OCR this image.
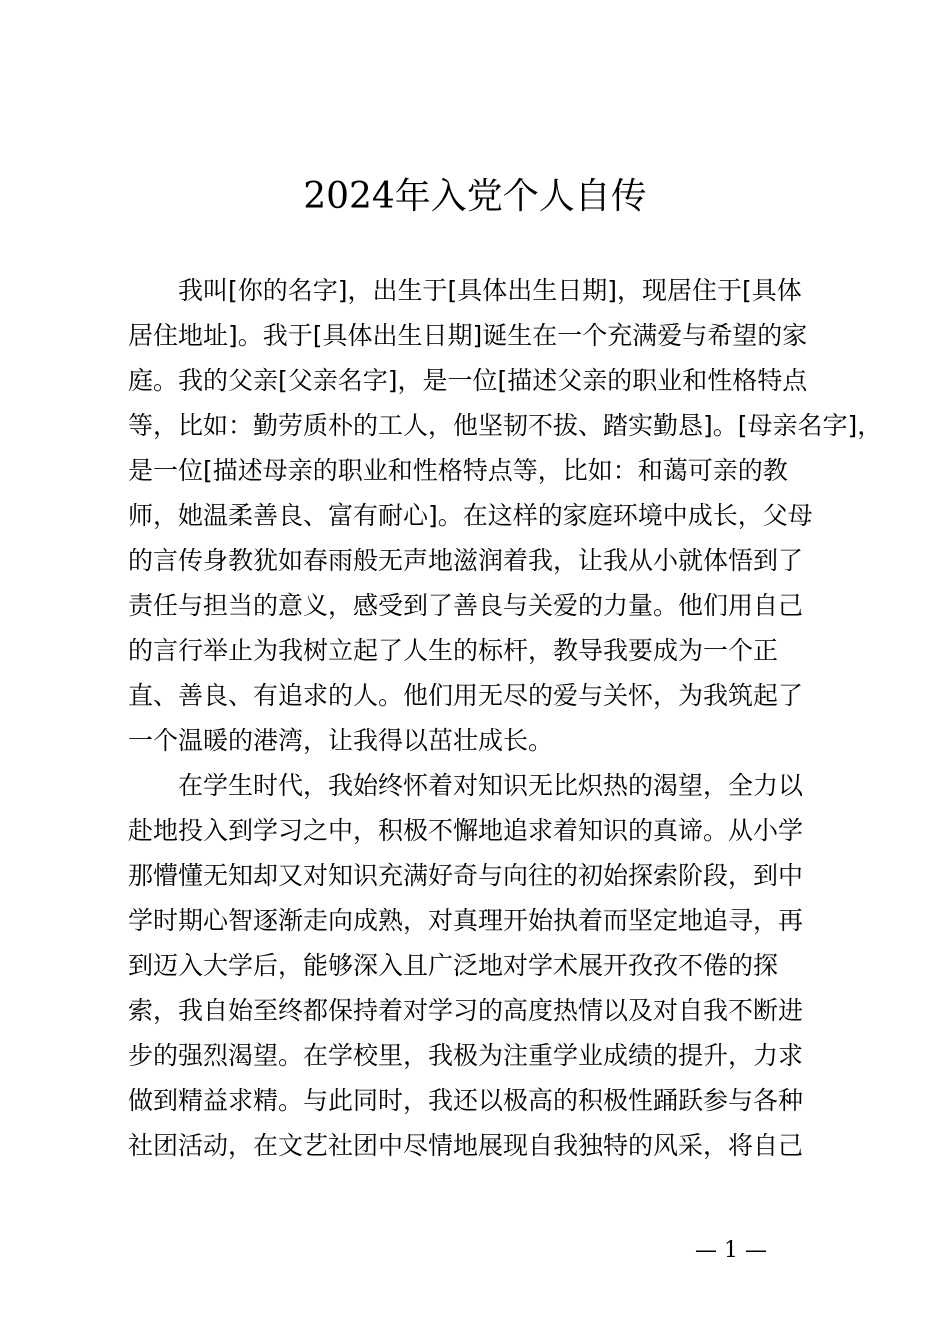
2024年入党个人自传
我叫[你的名字]，出生于[具体出生日期]，现居住于[具体
居住地址]。我于[具体出生日期]诞生在一个充满爱与希望的家
庭。我的父亲[父亲名字]，是一位[描述父亲的职业和性格特点
等，比如：勤劳质朴的工人，他坚韧不拔、踏实勤恳]。[母亲名字]，
是一位[描述母亲的职业和性格特点等，比如：和蔼可亲的教
师，她温柔善良、富有耐心]。在这样的家庭环境中成长，父母
的言传身教犹如春雨般无声地滋润着我，让我从小就体悟到了
责任与担当的意义，感受到了善良与关爱的力量。他们用自己
的言行举止为我树立起了人生的标杆，教导我要成为一个正
直、善良、有追求的人。他们用无尽的爱与关怀，为我筑起了
一个温暖的港湾，让我得以茁壮成长。
在学生时代，我始终怀着对知识无比炽热的渴望，全力以
赴地投入到学习之中，积极不懈地追求着知识的真谛。从小学
那懵懂无知却又对知识充满好奇与向往的初始探索阶段，到中
学时期心智逐渐走向成熟，对真理开始执着而坚定地追寻，再
到迈入大学后，能够深入且广泛地对学术展开孜孜不倦的探
索，我自始至终都保持着对学习的高度热情以及对自我不断进
步的强烈渴望。在学校里，我极为注重学业成绩的提升，力求
做到精益求精。与此同时，我还以极高的积极性踊跃参与各种
社团活动，在文艺社团中尽情地展现自我独特的风采，将自己
— 1 —
